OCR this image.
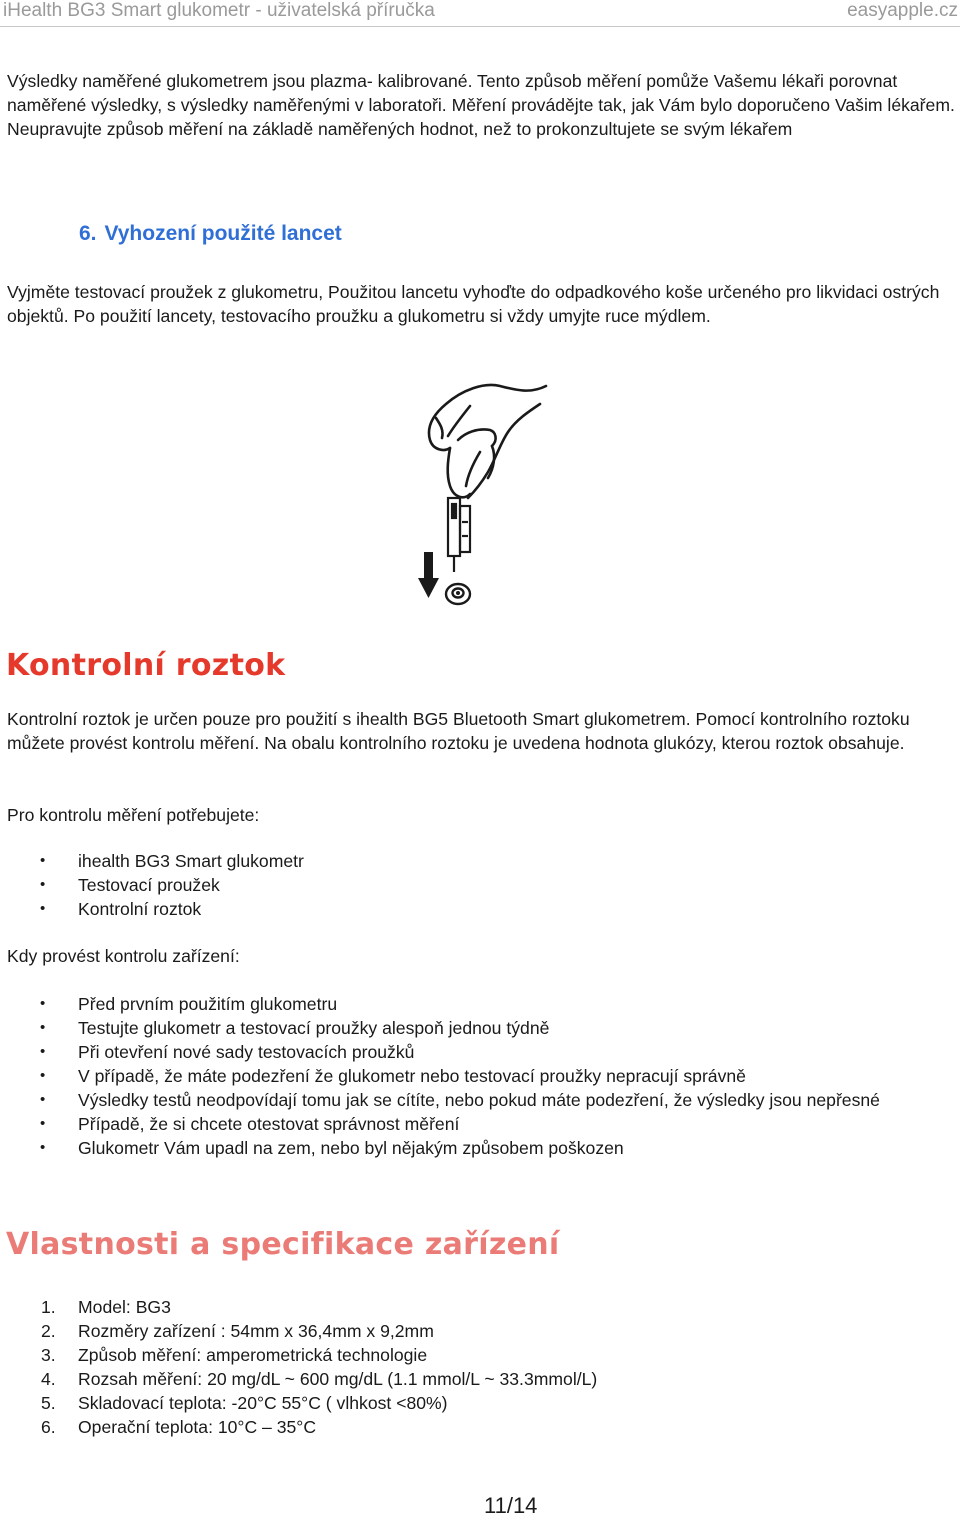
iHealth BG3 Smart glukometr - uživatelská příručka	easyapple.cz

Výsledky naměřené glukometrem jsou plazma- kalibrované. Tento způsob měření pomůže Vašemu lékaři porovnat naměřené výsledky, s výsledky naměřenými v laboratoři. Měření provádějte tak, jak Vám bylo doporučeno Vašim lékařem. Neupravujte způsob měření na základě naměřených hodnot, než to prokonzultujete se svým lékařem

6. Vyhození použité lancet

Vyjměte testovací proužek z glukometru, Použitou lancetu vyhoďte do odpadkového koše určeného pro likvidaci ostrých objektů. Po použití lancety, testovacího proužku a glukometru si vždy umyjte ruce mýdlem.

Kontrolní roztok

Kontrolní roztok je určen pouze pro použití s ihealth BG5 Bluetooth Smart glukometrem. Pomocí kontrolního roztoku můžete provést kontrolu měření. Na obalu kontrolního roztoku je uvedena hodnota glukózy, kterou roztok obsahuje.

Pro kontrolu měření potřebujete:

• ihealth BG3 Smart glukometr
• Testovací proužek
• Kontrolní roztok

Kdy provést kontrolu zařízení:

• Před prvním použitím glukometru
• Testujte glukometr a testovací proužky alespoň jednou týdně
• Při otevření nové sady testovacích proužků
• V případě, že máte podezření že glukometr nebo testovací proužky nepracují správně
• Výsledky testů neodpovídají tomu jak se cítíte, nebo pokud máte podezření, že výsledky jsou nepřesné
• Případě, že si chcete otestovat správnost měření
• Glukometr Vám upadl na zem, nebo byl nějakým způsobem poškozen
Vlastnosti a specifikace zařízení
1. Model: BG3
2. Rozměry zařízení : 54mm x 36,4mm x 9,2mm
3. Způsob měření: amperometrická technologie
4. Rozsah měření: 20 mg/dL ~ 600 mg/dL (1.1 mmol/L ~ 33.3mmol/L)
5. Skladovací teplota: -20°C 55°C ( vlhkost <80%)
6. Operační teplota: 10°C – 35°C
11/14
